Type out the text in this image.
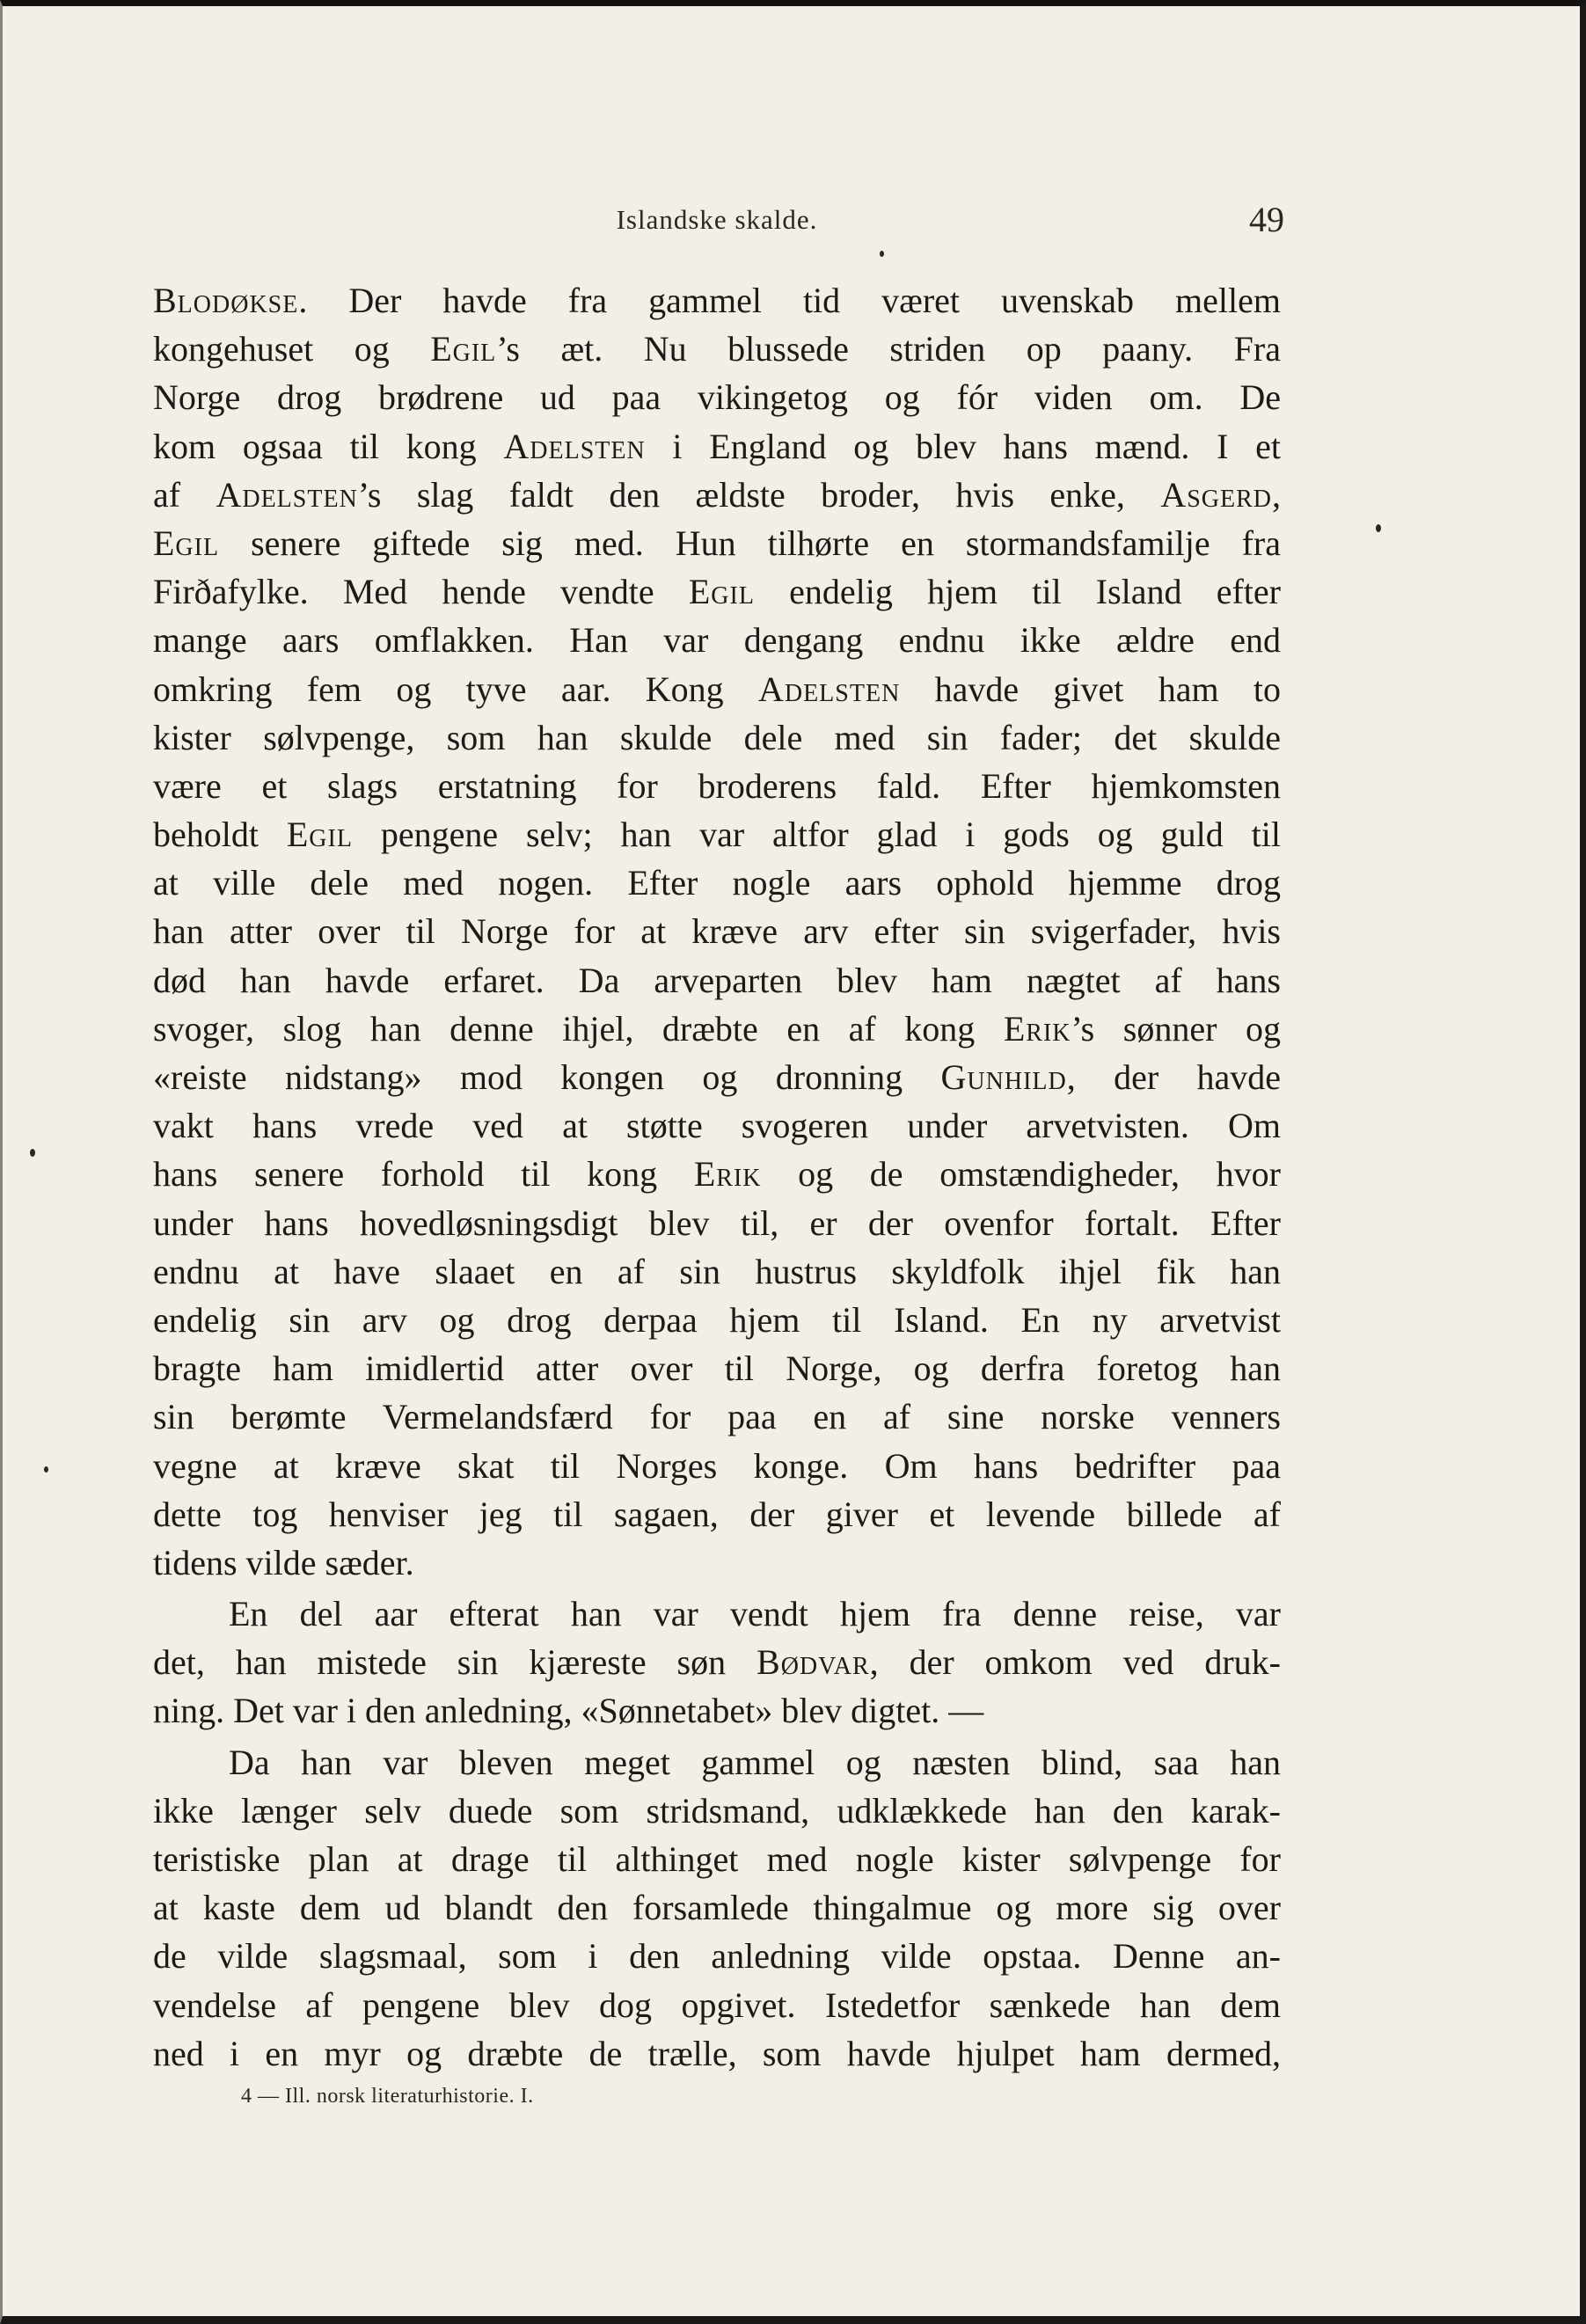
Islandske skalde.	49
Blodøkse. Der havde fra gammel tid været uvenskab mellem
kongehuset og Egil’s æt. Nu blussede striden op paany. Fra
Norge drog brødrene ud paa vikingetog og fór viden om. De
kom ogsaa til kong Adelsten i England og blev hans mænd. I et
af Adelsten’s slag faldt den ældste broder, hvis enke, Asgerd,
Egil senere giftede sig med. Hun tilhørte en stormandsfamilje fra
Firðafylke. Med hende vendte Egil endelig hjem til Island efter
mange aars omflakken. Han var dengang endnu ikke ældre end
omkring fem og tyve aar. Kong Adelsten havde givet ham to
kister sølvpenge, som han skulde dele med sin fader; det skulde
være et slags erstatning for broderens fald. Efter hjemkomsten
beholdt Egil pengene selv; han var altfor glad i gods og guld til
at ville dele med nogen. Efter nogle aars ophold hjemme drog
han atter over til Norge for at kræve arv efter sin svigerfader, hvis
død han havde erfaret. Da arveparten blev ham nægtet af hans
svoger, slog han denne ihjel, dræbte en af kong Erik’s sønner og
«reiste nidstang» mod kongen og dronning Gunhild, der havde
vakt hans vrede ved at støtte svogeren under arvetvisten. Om
hans senere forhold til kong Erik og de omstændigheder, hvor
under hans hovedløsningsdigt blev til, er der ovenfor fortalt. Efter
endnu at have slaaet en af sin hustrus skyldfolk ihjel fik han
endelig sin arv og drog derpaa hjem til Island. En ny arvetvist
bragte ham imidlertid atter over til Norge, og derfra foretog han
sin berømte Vermelandsfærd for paa en af sine norske venners
vegne at kræve skat til Norges konge. Om hans bedrifter paa
dette tog henviser jeg til sagaen, der giver et levende billede af
tidens vilde sæder.
En del aar efterat han var vendt hjem fra denne reise, var
det, han mistede sin kjæreste søn Bødvar, der omkom ved druk-
ning. Det var i den anledning, «Sønnetabet» blev digtet. —
Da han var bleven meget gammel og næsten blind, saa han
ikke længer selv duede som stridsmand, udklækkede han den karak-
teristiske plan at drage til althinget med nogle kister sølvpenge for
at kaste dem ud blandt den forsamlede thingalmue og more sig over
de vilde slagsmaal, som i den anledning vilde opstaa. Denne an-
vendelse af pengene blev dog opgivet. Istedetfor sænkede han dem
ned i en myr og dræbte de trælle, som havde hjulpet ham dermed,
4 — Ill. norsk literaturhistorie. I.
